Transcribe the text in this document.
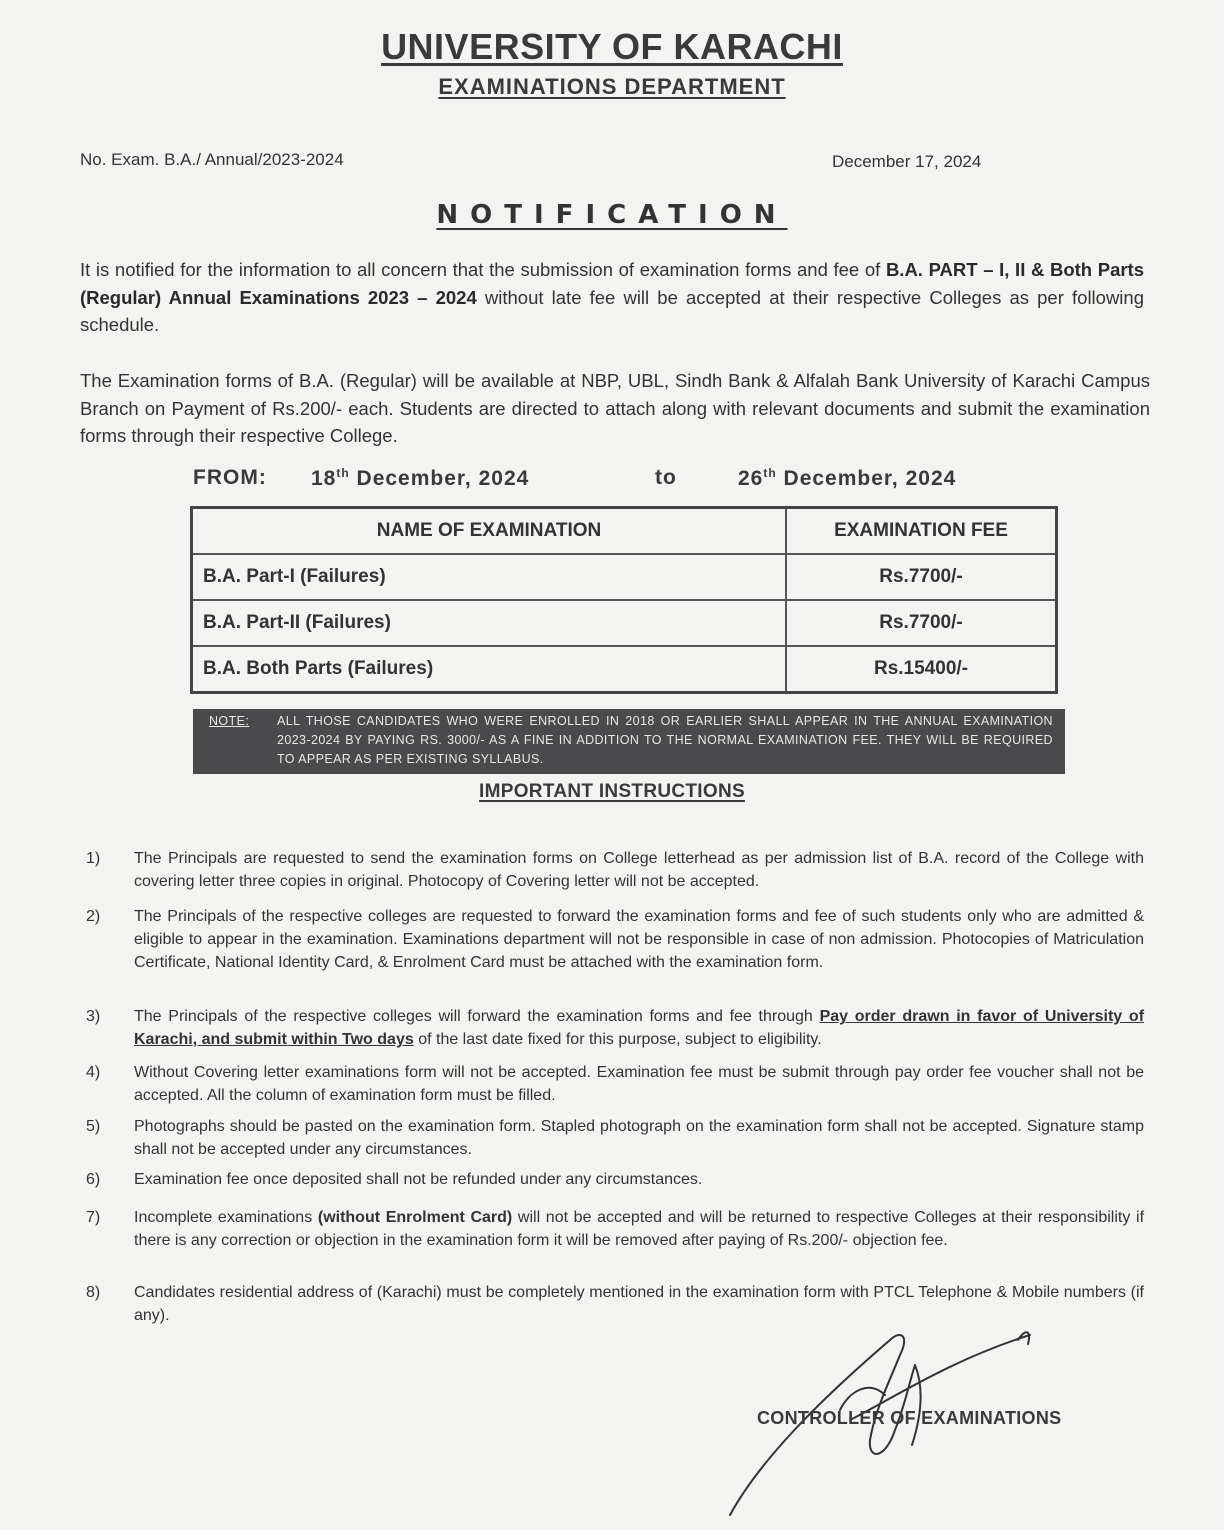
UNIVERSITY OF KARACHI
EXAMINATIONS DEPARTMENT
No. Exam. B.A./ Annual/2023-2024	December 17, 2024
NOTIFICATION
It is notified for the information to all concern that the submission of examination forms and fee of B.A. PART – I, II & Both Parts (Regular) Annual Examinations 2023 – 2024 without late fee will be accepted at their respective Colleges as per following schedule.
The Examination forms of B.A. (Regular) will be available at NBP, UBL, Sindh Bank & Alfalah Bank University of Karachi Campus Branch on Payment of Rs.200/- each. Students are directed to attach along with relevant documents and submit the examination forms through their respective College.
FROM: 18th December, 2024	to	26th December, 2024
NAME OF EXAMINATION	EXAMINATION FEE
B.A. Part-I (Failures)	Rs.7700/-
B.A. Part-II (Failures)	Rs.7700/-
B.A. Both Parts (Failures)	Rs.15400/-
NOTE: ALL THOSE CANDIDATES WHO WERE ENROLLED IN 2018 OR EARLIER SHALL APPEAR IN THE ANNUAL EXAMINATION 2023-2024 BY PAYING RS. 3000/- AS A FINE IN ADDITION TO THE NORMAL EXAMINATION FEE. THEY WILL BE REQUIRED TO APPEAR AS PER EXISTING SYLLABUS.
IMPORTANT INSTRUCTIONS
1) The Principals are requested to send the examination forms on College letterhead as per admission list of B.A. record of the College with covering letter three copies in original. Photocopy of Covering letter will not be accepted.
2) The Principals of the respective colleges are requested to forward the examination forms and fee of such students only who are admitted & eligible to appear in the examination. Examinations department will not be responsible in case of non admission. Photocopies of Matriculation Certificate, National Identity Card, & Enrolment Card must be attached with the examination form.
3) The Principals of the respective colleges will forward the examination forms and fee through Pay order drawn in favor of University of Karachi, and submit within Two days of the last date fixed for this purpose, subject to eligibility.
4) Without Covering letter examinations form will not be accepted. Examination fee must be submit through pay order fee voucher shall not be accepted. All the column of examination form must be filled.
5) Photographs should be pasted on the examination form. Stapled photograph on the examination form shall not be accepted. Signature stamp shall not be accepted under any circumstances.
6) Examination fee once deposited shall not be refunded under any circumstances.
7) Incomplete examinations (without Enrolment Card) will not be accepted and will be returned to respective Colleges at their responsibility if there is any correction or objection in the examination form it will be removed after paying of Rs.200/- objection fee.
8) Candidates residential address of (Karachi) must be completely mentioned in the examination form with PTCL Telephone & Mobile numbers (if any).
CONTROLLER OF EXAMINATIONS
